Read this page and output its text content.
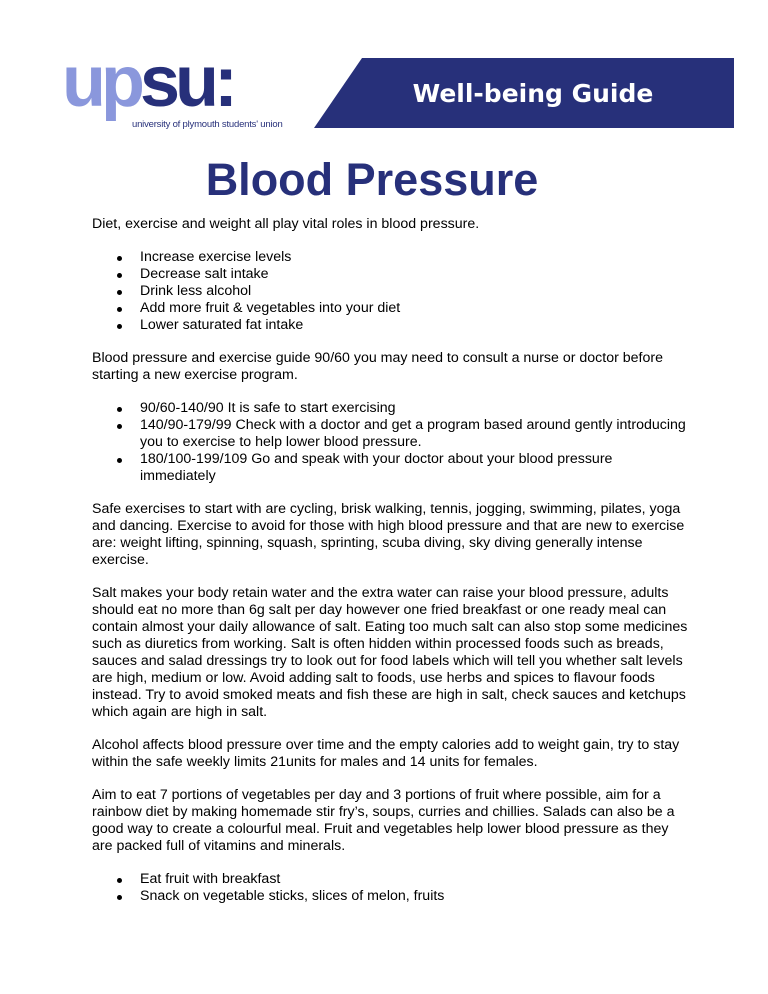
upsu:
university of plymouth students' union
Well-being Guide
Blood Pressure

Diet, exercise and weight all play vital roles in blood pressure.

Increase exercise levels
Decrease salt intake
Drink less alcohol
Add more fruit & vegetables into your diet
Lower saturated fat intake

Blood pressure and exercise guide 90/60 you may need to consult a nurse or doctor before starting a new exercise program.

90/60-140/90 It is safe to start exercising
140/90-179/99 Check with a doctor and get a program based around gently introducing you to exercise to help lower blood pressure.
180/100-199/109 Go and speak with your doctor about your blood pressure immediately

Safe exercises to start with are cycling, brisk walking, tennis, jogging, swimming, pilates, yoga and dancing. Exercise to avoid for those with high blood pressure and that are new to exercise are: weight lifting, spinning, squash, sprinting, scuba diving, sky diving generally intense exercise.

Salt makes your body retain water and the extra water can raise your blood pressure, adults should eat no more than 6g salt per day however one fried breakfast or one ready meal can contain almost your daily allowance of salt. Eating too much salt can also stop some medicines such as diuretics from working. Salt is often hidden within processed foods such as breads, sauces and salad dressings try to look out for food labels which will tell you whether salt levels are high, medium or low. Avoid adding salt to foods, use herbs and spices to flavour foods instead. Try to avoid smoked meats and fish these are high in salt, check sauces and ketchups which again are high in salt.

Alcohol affects blood pressure over time and the empty calories add to weight gain, try to stay within the safe weekly limits 21units for males and 14 units for females.

Aim to eat 7 portions of vegetables per day and 3 portions of fruit where possible, aim for a rainbow diet by making homemade stir fry’s, soups, curries and chillies. Salads can also be a good way to create a colourful meal. Fruit and vegetables help lower blood pressure as they are packed full of vitamins and minerals.

Eat fruit with breakfast
Snack on vegetable sticks, slices of melon, fruits
